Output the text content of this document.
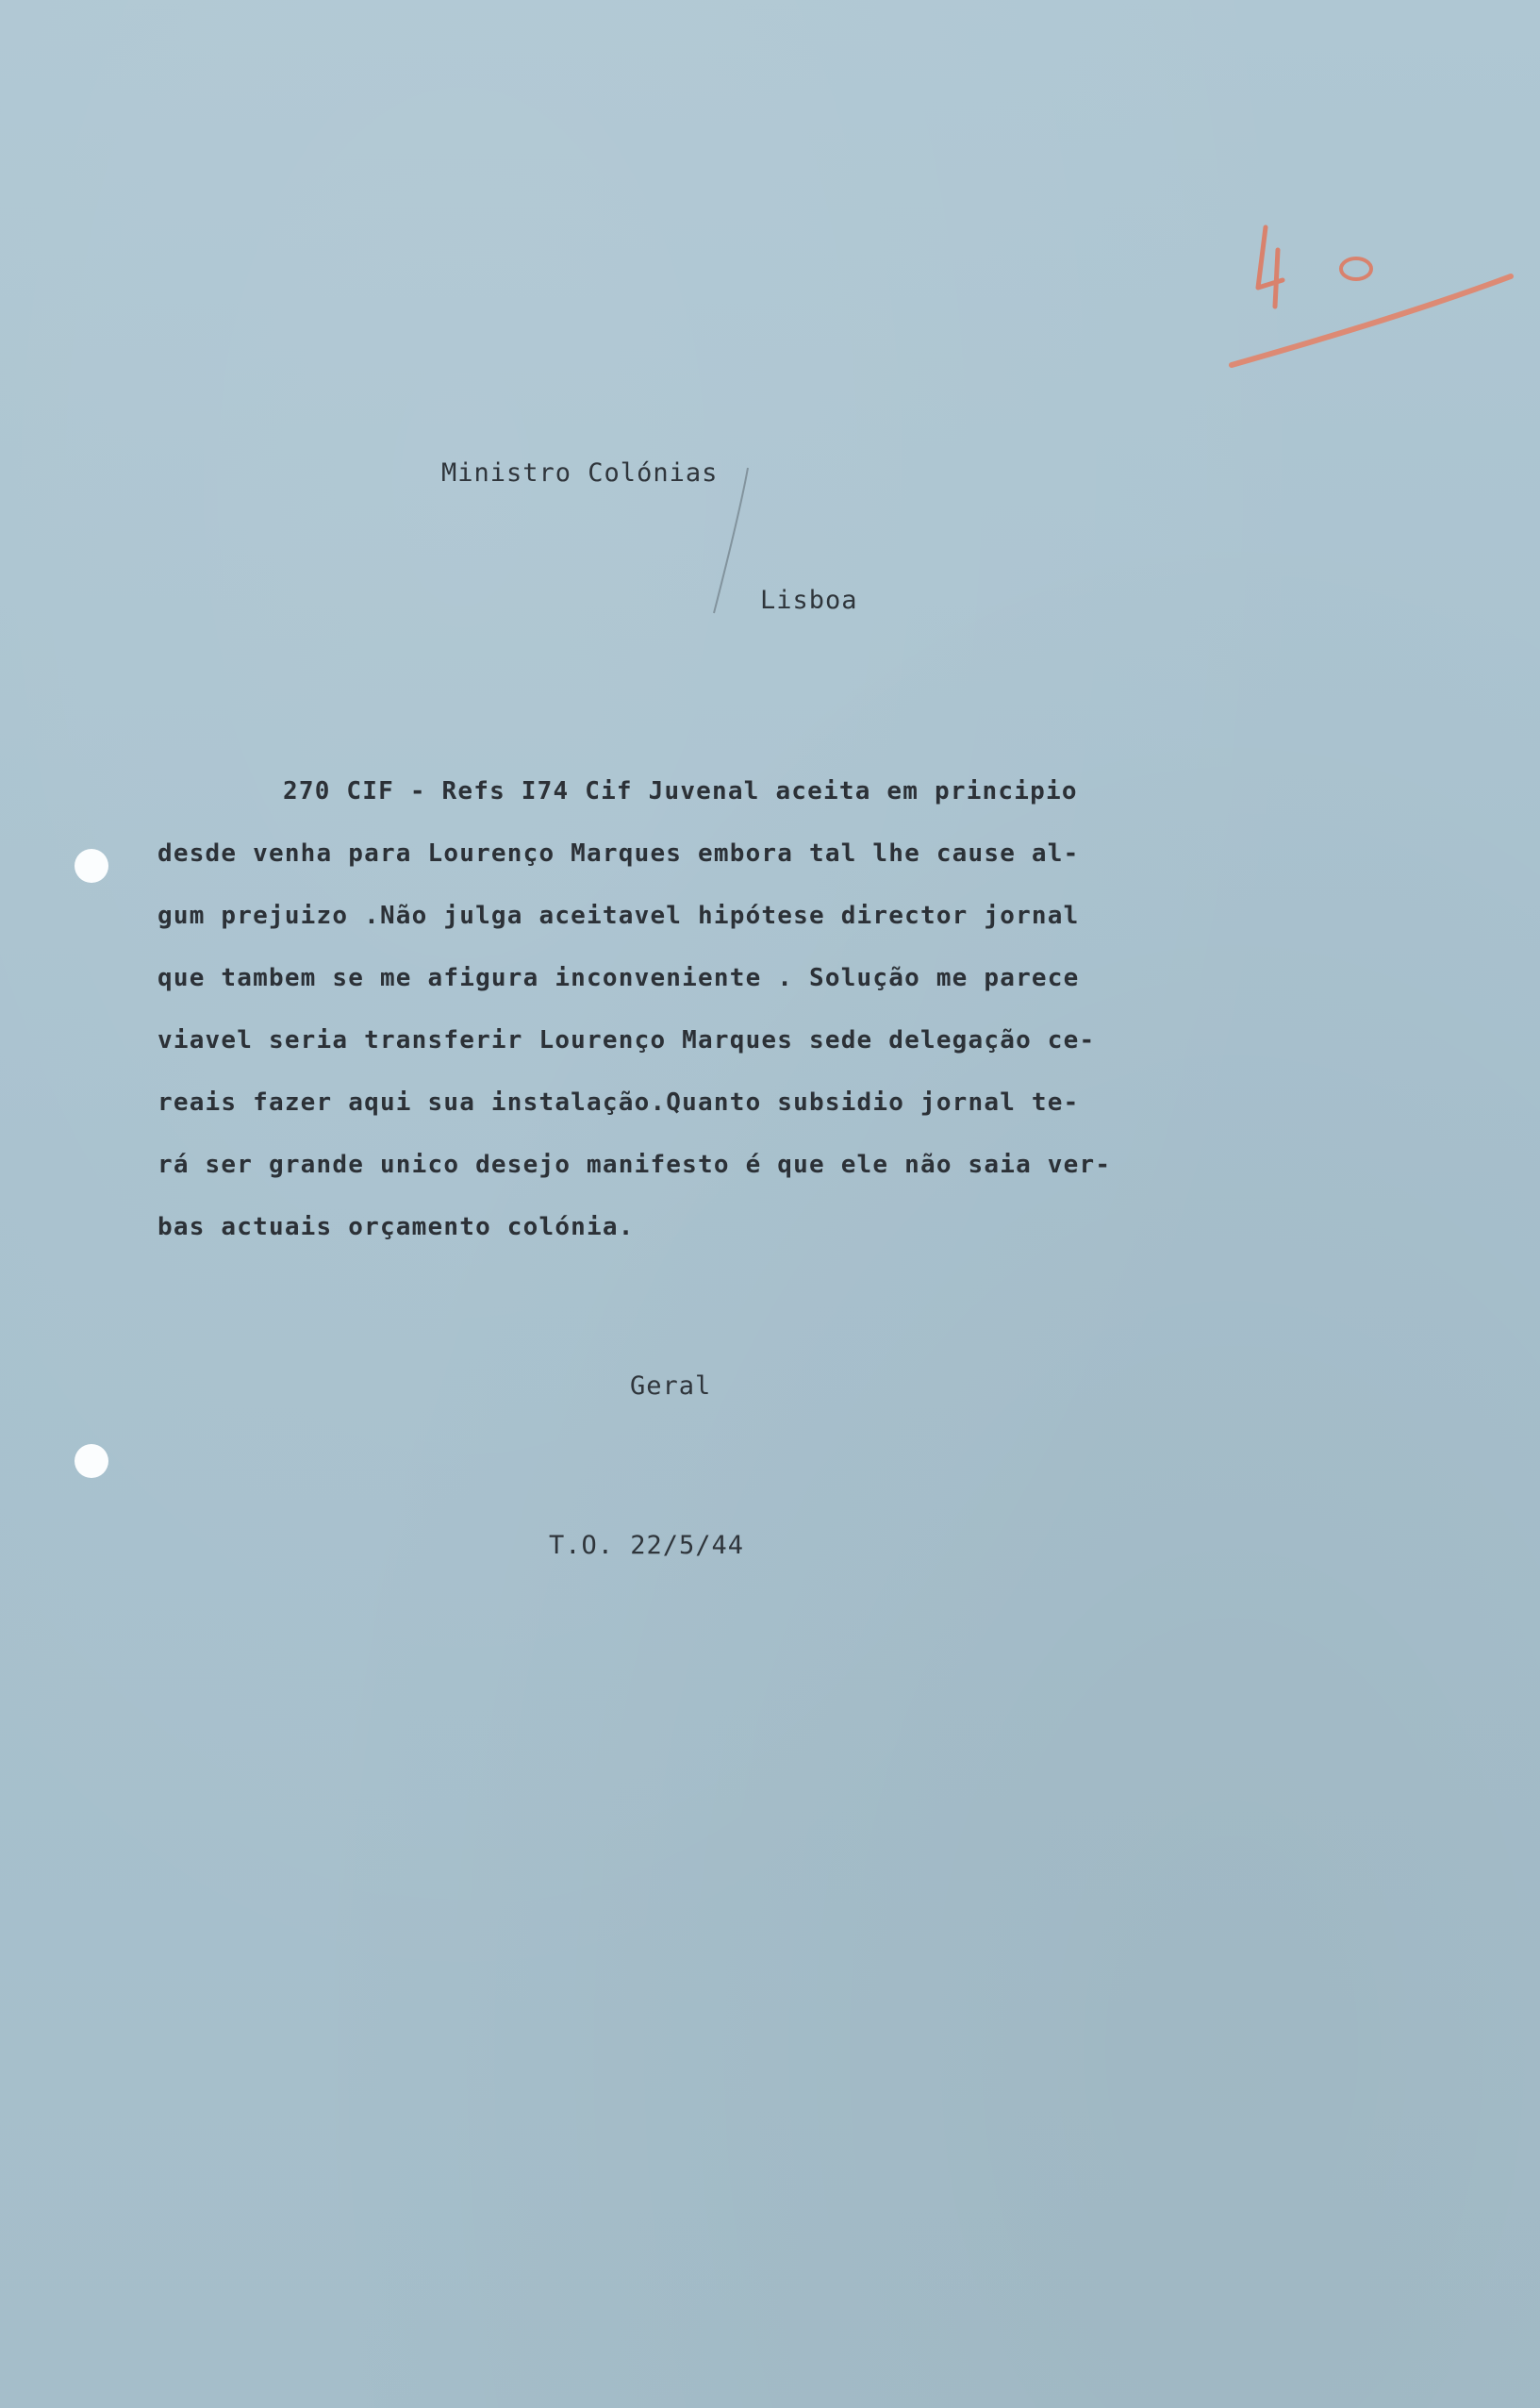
Ministro Colónias
Lisboa
270 CIF - Refs I74 Cif Juvenal aceita em principio
desde venha para Lourenço Marques embora tal lhe cause al-
gum prejuizo .Não julga aceitavel hipótese director jornal
que tambem se me afigura inconveniente . Solução me parece
viavel seria transferir Lourenço Marques sede delegação ce-
reais fazer aqui sua instalação.Quanto subsidio jornal te-
rá ser grande unico desejo manifesto é que ele não saia ver-
bas actuais orçamento colónia.
Geral
T.O. 22/5/44
